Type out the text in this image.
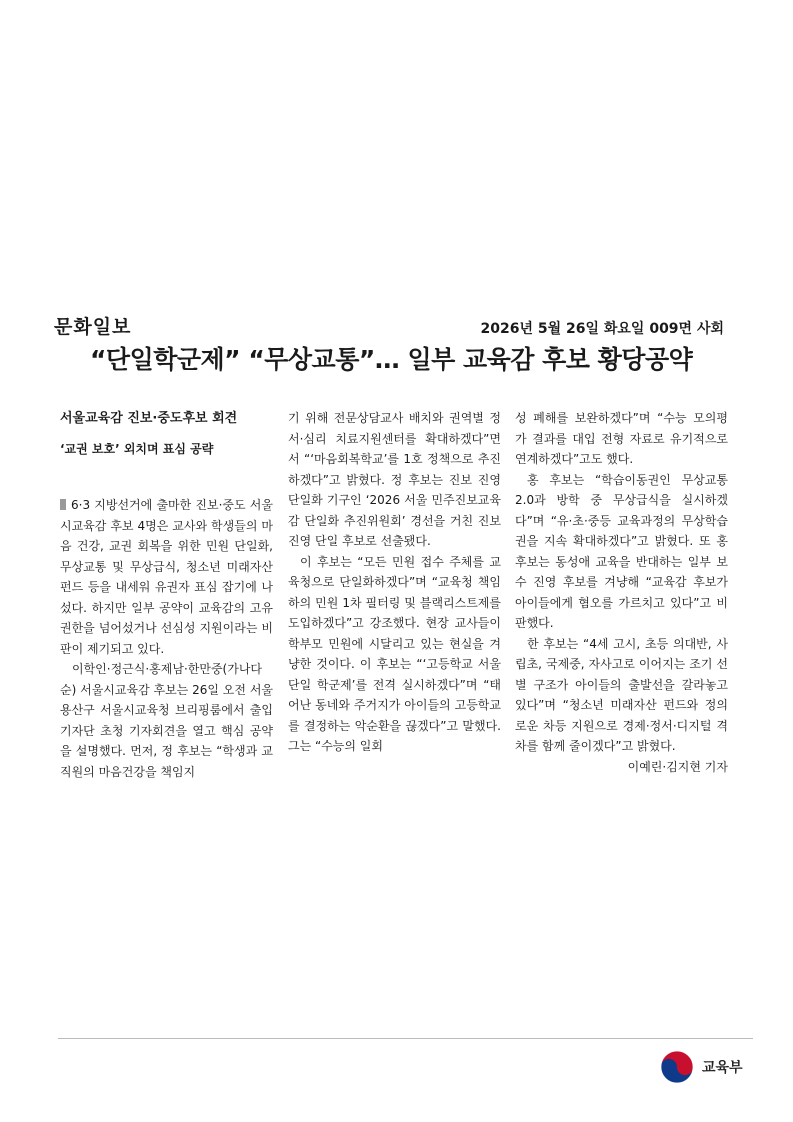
문화일보	2026년 5월 26일 화요일 009면 사회
“단일학군제” “무상교통”… 일부 교육감 후보 황당공약
서울교육감 진보·중도후보 회견
‘교권 보호’ 외치며 표심 공략

6·3 지방선거에 출마한 진보·중도 서울시교육감 후보 4명은 교사와 학생들의 마음 건강, 교권 회복을 위한 민원 단일화, 무상교통 및 무상급식, 청소년 미래자산 펀드 등을 내세워 유권자 표심 잡기에 나섰다. 하지만 일부 공약이 교육감의 고유 권한을 넘어섰거나 선심성 지원이라는 비판이 제기되고 있다.

이학인·정근식·홍제남·한만중(가나다순) 서울시교육감 후보는 26일 오전 서울 용산구 서울시교육청 브리핑룸에서 출입기자단 초청 기자회견을 열고 핵심 공약을 설명했다. 먼저, 정 후보는 “학생과 교직원의 마음건강을 책임지

기 위해 전문상담교사 배치와 권역별 정서·심리 치료지원센터를 확대하겠다”면서 “‘마음회복학교’를 1호 정책으로 추진하겠다”고 밝혔다. 정 후보는 진보 진영 단일화 기구인 ‘2026 서울 민주진보교육감 단일화 추진위원회’ 경선을 거친 진보 진영 단일 후보로 선출됐다.

이 후보는 “모든 민원 접수 주체를 교육청으로 단일화하겠다”며 “교육청 책임하의 민원 1차 필터링 및 블랙리스트제를 도입하겠다”고 강조했다. 현장 교사들이 학부모 민원에 시달리고 있는 현실을 겨냥한 것이다. 이 후보는 “‘고등학교 서울 단일 학군제’를 전격 실시하겠다”며 “태어난 동네와 주거지가 아이들의 고등학교를 결정하는 악순환을 끊겠다”고 말했다. 그는 “수능의 일회

성 폐해를 보완하겠다”며 “수능 모의평가 결과를 대입 전형 자료로 유기적으로 연계하겠다”고도 했다.

홍 후보는 “학습이동권인 무상교통 2.0과 방학 중 무상급식을 실시하겠다”며 “유·초·중등 교육과정의 무상학습권을 지속 확대하겠다”고 밝혔다. 또 홍 후보는 동성애 교육을 반대하는 일부 보수 진영 후보를 겨냥해 “교육감 후보가 아이들에게 혐오를 가르치고 있다”고 비판했다.

한 후보는 “4세 고시, 초등 의대반, 사립초, 국제중, 자사고로 이어지는 조기 선별 구조가 아이들의 출발선을 갈라놓고 있다”며 “청소년 미래자산 펀드와 정의로운 차등 지원으로 경제·정서·디지털 격차를 함께 줄이겠다”고 밝혔다.

이예린·김지현 기자
교육부
